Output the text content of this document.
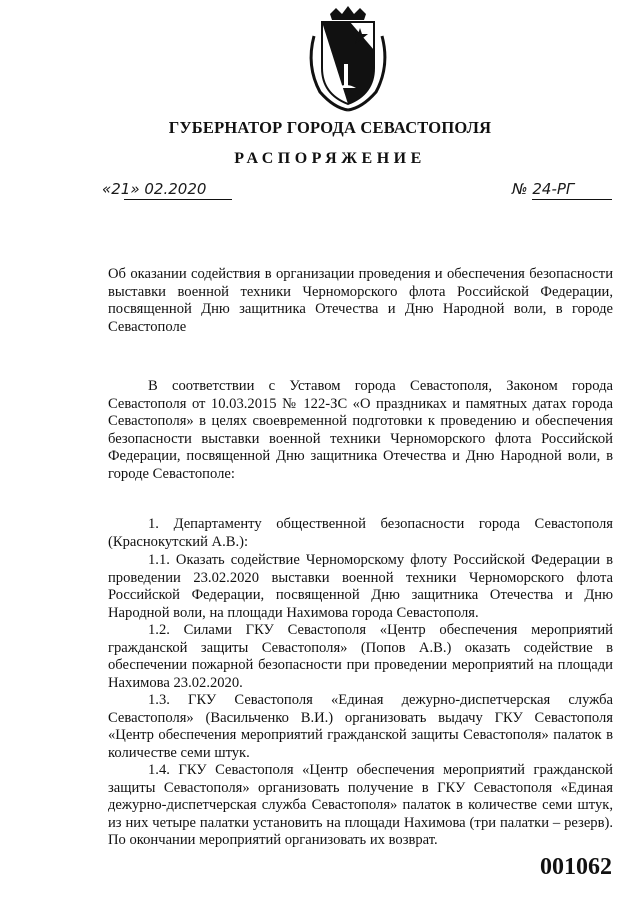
ГУБЕРНАТОР ГОРОДА СЕВАСТОПОЛЯ
РАСПОРЯЖЕНИЕ
«21» 02.2020	№ 24-РГ
Об оказании содействия в организации проведения и обеспечения безопасности выставки военной техники Черноморского флота Российской Федерации, посвященной Дню защитника Отечества и Дню Народной воли, в городе Севастополе
В соответствии с Уставом города Севастополя, Законом города Севастополя от 10.03.2015 № 122-ЗС «О праздниках и памятных датах города Севастополя» в целях своевременной подготовки к проведению и обеспечения безопасности выставки военной техники Черноморского флота Российской Федерации, посвященной Дню защитника Отечества и Дню Народной воли, в городе Севастополе:
1. Департаменту общественной безопасности города Севастополя (Краснокутский А.В.):
1.1. Оказать содействие Черноморскому флоту Российской Федерации в проведении 23.02.2020 выставки военной техники Черноморского флота Российской Федерации, посвященной Дню защитника Отечества и Дню Народной воли, на площади Нахимова города Севастополя.
1.2. Силами ГКУ Севастополя «Центр обеспечения мероприятий гражданской защиты Севастополя» (Попов А.В.) оказать содействие в обеспечении пожарной безопасности при проведении мероприятий на площади Нахимова 23.02.2020.
1.3. ГКУ Севастополя «Единая дежурно-диспетчерская служба Севастополя» (Васильченко В.И.) организовать выдачу ГКУ Севастополя «Центр обеспечения мероприятий гражданской защиты Севастополя» палаток в количестве семи штук.
1.4. ГКУ Севастополя «Центр обеспечения мероприятий гражданской защиты Севастополя» организовать получение в ГКУ Севастополя «Единая дежурно-диспетчерская служба Севастополя» палаток в количестве семи штук, из них четыре палатки установить на площади Нахимова (три палатки – резерв). По окончании мероприятий организовать их возврат.
001062
